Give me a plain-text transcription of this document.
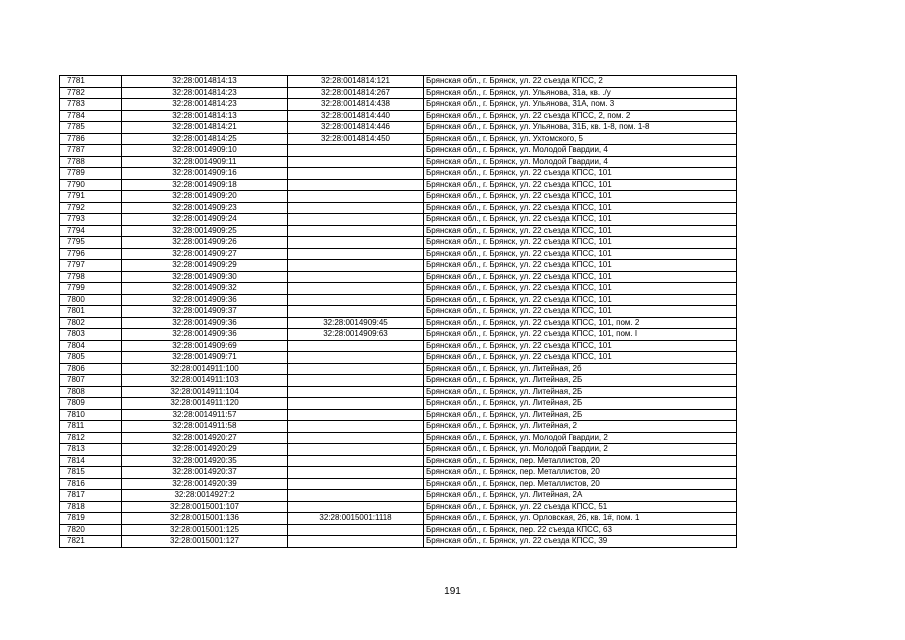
7781	32:28:0014814:13	32:28:0014814:121	Брянская обл., г. Брянск, ул. 22 съезда КПСС, 2
7782	32:28:0014814:23	32:28:0014814:267	Брянская обл., г. Брянск, ул. Ульянова, 31а, кв. ./у
7783	32:28:0014814:23	32:28:0014814:438	Брянская обл., г. Брянск, ул. Ульянова, 31А, пом. 3
7784	32:28:0014814:13	32:28:0014814:440	Брянская обл., г. Брянск, ул. 22 съезда КПСС, 2, пом. 2
7785	32:28:0014814:21	32:28:0014814:446	Брянская обл., г. Брянск, ул. Ульянова, 31Б, кв. 1-8, пом. 1-8
7786	32:28:0014814:25	32:28:0014814:450	Брянская обл., г. Брянск, ул. Ухтомского, 5
7787	32:28:0014909:10		Брянская обл., г. Брянск, ул. Молодой Гвардии, 4
7788	32:28:0014909:11		Брянская обл., г. Брянск, ул. Молодой Гвардии, 4
7789	32:28:0014909:16		Брянская обл., г. Брянск, ул. 22 съезда КПСС, 101
7790	32:28:0014909:18		Брянская обл., г. Брянск, ул. 22 съезда КПСС, 101
7791	32:28:0014909:20		Брянская обл., г. Брянск, ул. 22 съезда КПСС, 101
7792	32:28:0014909:23		Брянская обл., г. Брянск, ул. 22 съезда КПСС, 101
7793	32:28:0014909:24		Брянская обл., г. Брянск, ул. 22 съезда КПСС, 101
7794	32:28:0014909:25		Брянская обл., г. Брянск, ул. 22 съезда КПСС, 101
7795	32:28:0014909:26		Брянская обл., г. Брянск, ул. 22 съезда КПСС, 101
7796	32:28:0014909:27		Брянская обл., г. Брянск, ул. 22 съезда КПСС, 101
7797	32:28:0014909:29		Брянская обл., г. Брянск, ул. 22 съезда КПСС, 101
7798	32:28:0014909:30		Брянская обл., г. Брянск, ул. 22 съезда КПСС, 101
7799	32:28:0014909:32		Брянская обл., г. Брянск, ул. 22 съезда КПСС, 101
7800	32:28:0014909:36		Брянская обл., г. Брянск, ул. 22 съезда КПСС, 101
7801	32:28:0014909:37		Брянская обл., г. Брянск, ул. 22 съезда КПСС, 101
7802	32:28:0014909:36	32:28:0014909:45	Брянская обл., г. Брянск, ул. 22 съезда КПСС, 101, пом. 2
7803	32:28:0014909:36	32:28:0014909:63	Брянская обл., г. Брянск, ул. 22 съезда КПСС, 101, пом. I
7804	32:28:0014909:69		Брянская обл., г. Брянск, ул. 22 съезда КПСС, 101
7805	32:28:0014909:71		Брянская обл., г. Брянск, ул. 22 съезда КПСС, 101
7806	32:28:0014911:100		Брянская обл., г. Брянск, ул. Литейная, 2б
7807	32:28:0014911:103		Брянская обл., г. Брянск, ул. Литейная, 2Б
7808	32:28:0014911:104		Брянская обл., г. Брянск, ул. Литейная, 2Б
7809	32:28:0014911:120		Брянская обл., г. Брянск, ул. Литейная, 2Б
7810	32:28:0014911:57		Брянская обл., г. Брянск, ул. Литейная, 2Б
7811	32:28:0014911:58		Брянская обл., г. Брянск, ул. Литейная, 2
7812	32:28:0014920:27		Брянская обл., г. Брянск, ул. Молодой Гвардии, 2
7813	32:28:0014920:29		Брянская обл., г. Брянск, ул. Молодой Гвардии, 2
7814	32:28:0014920:35		Брянская обл., г. Брянск, пер. Металлистов, 20
7815	32:28:0014920:37		Брянская обл., г. Брянск, пер. Металлистов, 20
7816	32:28:0014920:39		Брянская обл., г. Брянск, пер. Металлистов, 20
7817	32:28:0014927:2		Брянская обл., г. Брянск, ул. Литейная, 2А
7818	32:28:0015001:107		Брянская обл., г. Брянск, ул. 22 съезда КПСС, 51
7819	32:28:0015001:136	32:28:0015001:1118	Брянская обл., г. Брянск, ул. Орловская, 26, кв. 1#, пом. 1
7820	32:28:0015001:125		Брянская обл., г. Брянск, пер. 22 съезда КПСС, 63
7821	32:28:0015001:127		Брянская обл., г. Брянск, ул. 22 съезда КПСС, 39
191
